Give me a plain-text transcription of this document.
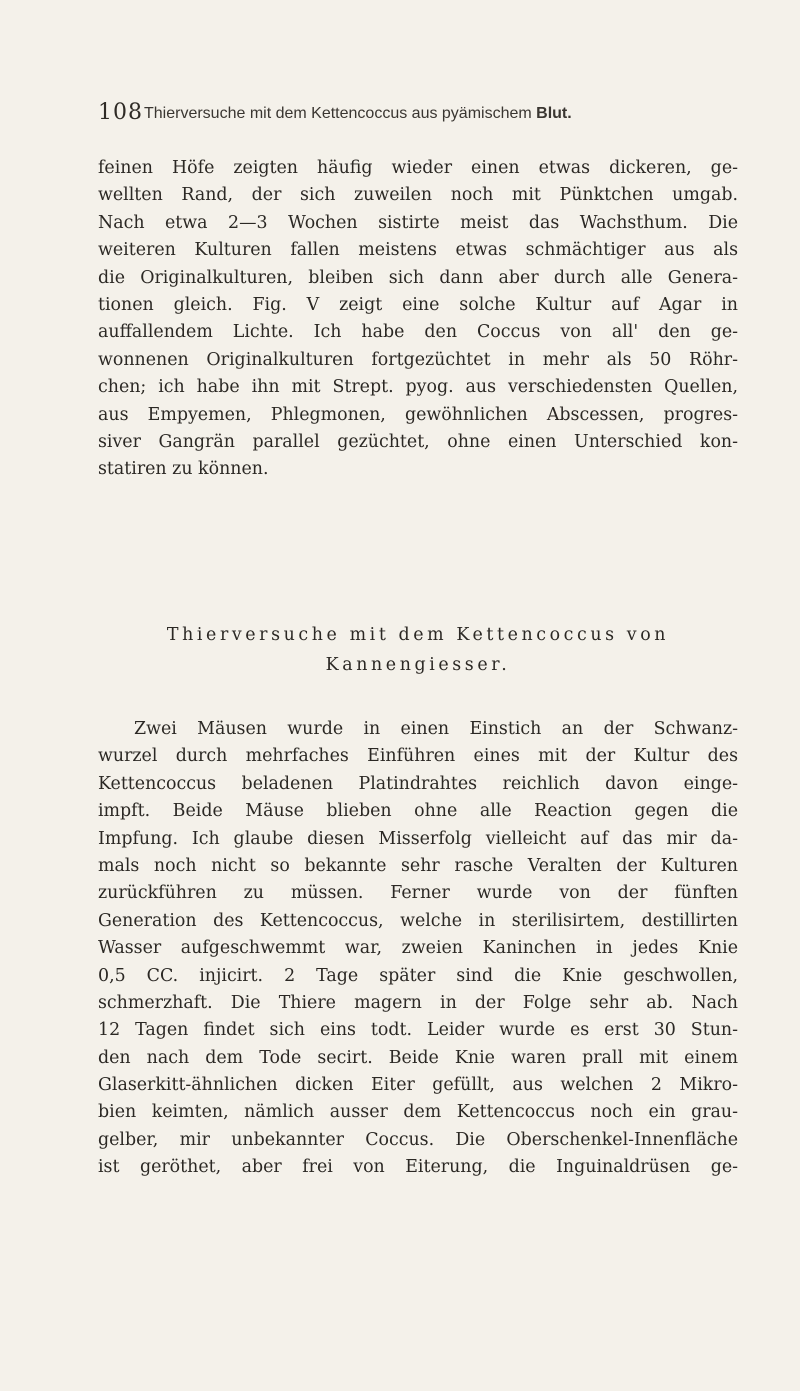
108 Thierversuche mit dem Kettencoccus aus pyämischem Blut.
feinen Höfe zeigten häufig wieder einen etwas dickeren, ge-
wellten Rand, der sich zuweilen noch mit Pünktchen umgab.
Nach etwa 2—3 Wochen sistirte meist das Wachsthum. Die
weiteren Kulturen fallen meistens etwas schmächtiger aus als
die Originalkulturen, bleiben sich dann aber durch alle Genera-
tionen gleich. Fig. V zeigt eine solche Kultur auf Agar in
auffallendem Lichte. Ich habe den Coccus von all' den ge-
wonnenen Originalkulturen fortgezüchtet in mehr als 50 Röhr-
chen; ich habe ihn mit Strept. pyog. aus verschiedensten Quellen,
aus Empyemen, Phlegmonen, gewöhnlichen Abscessen, progres-
siver Gangrän parallel gezüchtet, ohne einen Unterschied kon-
statiren zu können.
Thierversuche mit dem Kettencoccus von
Kannengiesser.
Zwei Mäusen wurde in einen Einstich an der Schwanz-
wurzel durch mehrfaches Einführen eines mit der Kultur des
Kettencoccus beladenen Platindrahtes reichlich davon einge-
impft. Beide Mäuse blieben ohne alle Reaction gegen die
Impfung. Ich glaube diesen Misserfolg vielleicht auf das mir da-
mals noch nicht so bekannte sehr rasche Veralten der Kulturen
zurückführen zu müssen. Ferner wurde von der fünften
Generation des Kettencoccus, welche in sterilisirtem, destillirten
Wasser aufgeschwemmt war, zweien Kaninchen in jedes Knie
0,5 CC. injicirt. 2 Tage später sind die Knie geschwollen,
schmerzhaft. Die Thiere magern in der Folge sehr ab. Nach
12 Tagen findet sich eins todt. Leider wurde es erst 30 Stun-
den nach dem Tode secirt. Beide Knie waren prall mit einem
Glaserkitt-ähnlichen dicken Eiter gefüllt, aus welchen 2 Mikro-
bien keimten, nämlich ausser dem Kettencoccus noch ein grau-
gelber, mir unbekannter Coccus. Die Oberschenkel-Innenfläche
ist geröthet, aber frei von Eiterung, die Inguinaldrüsen ge-
